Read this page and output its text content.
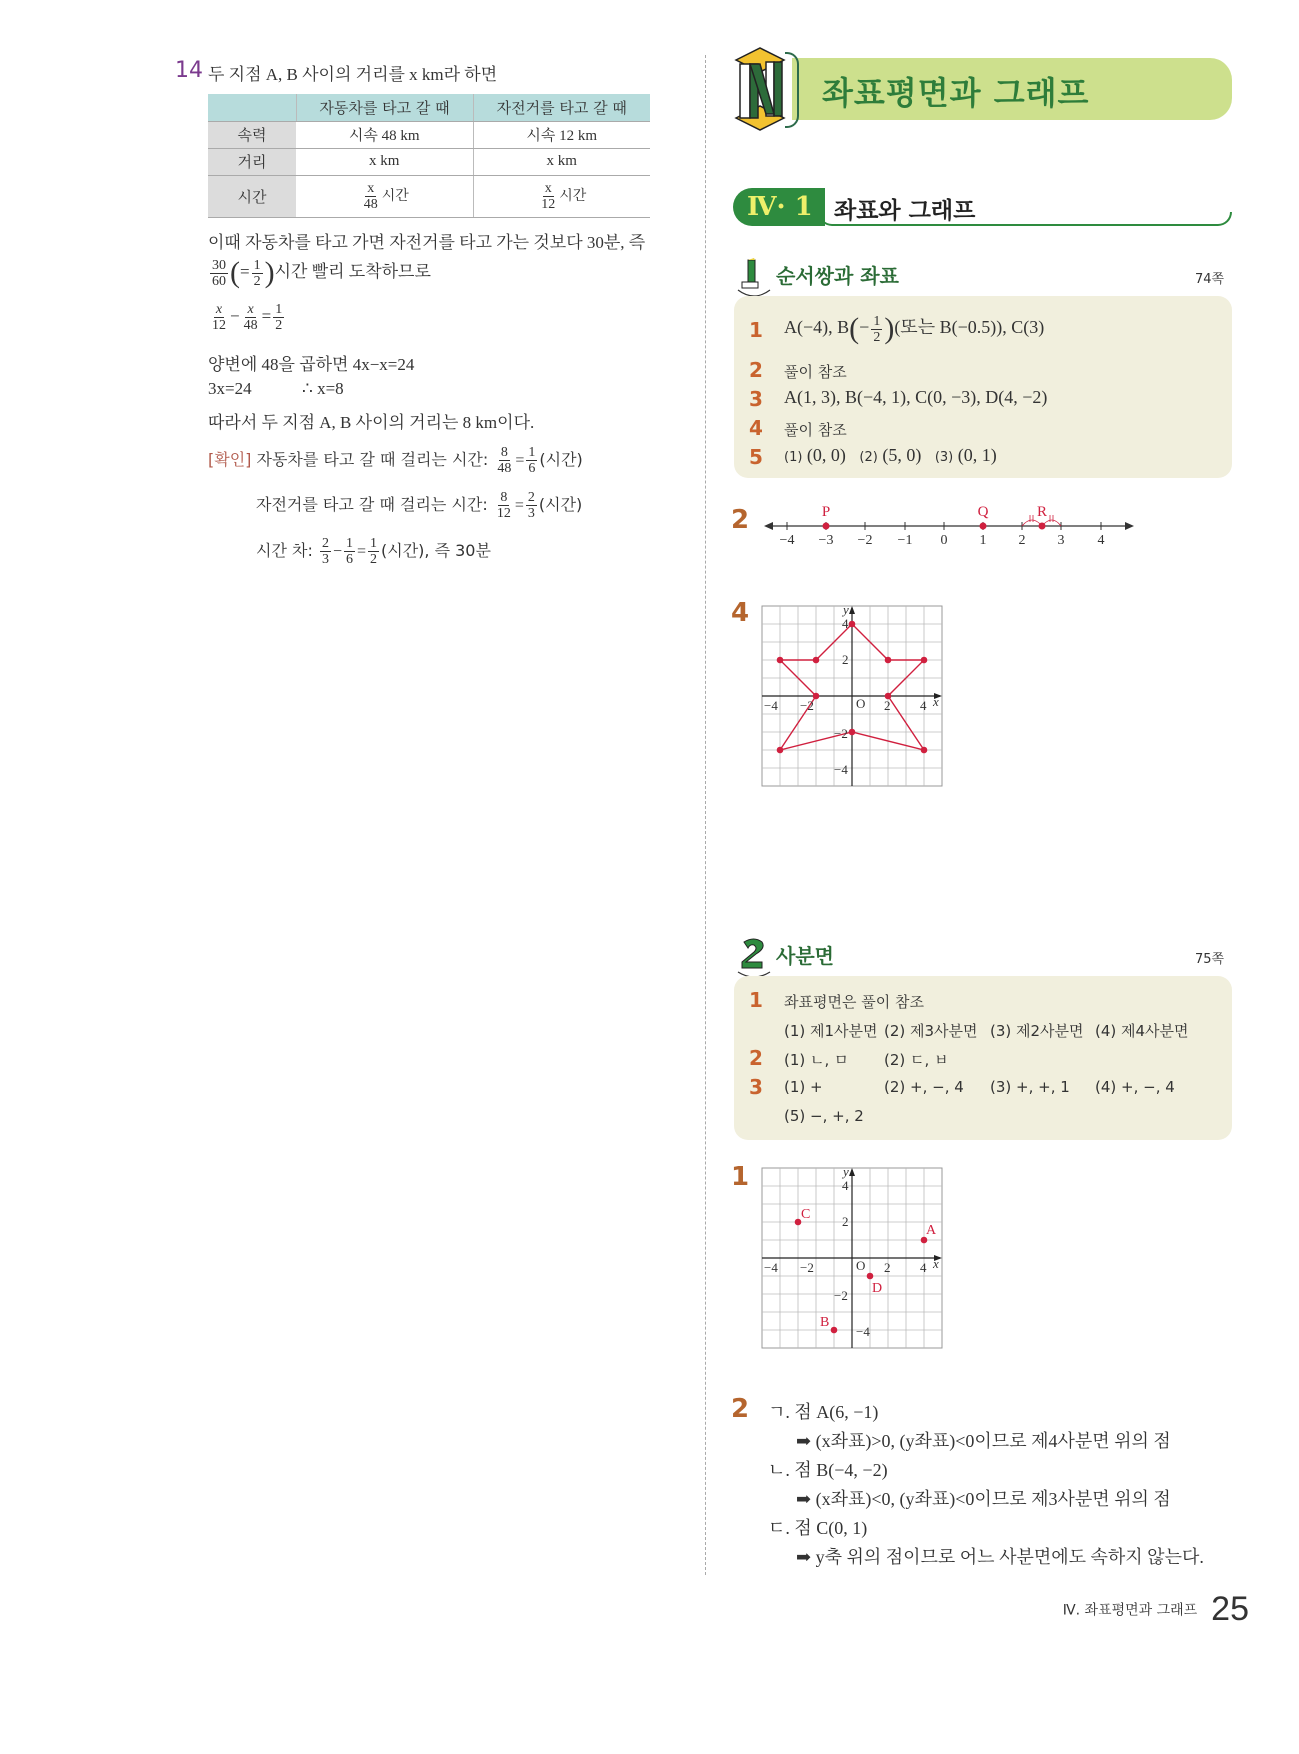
14 두 지점 A, B 사이의 거리를 x km라 하면
	자동차를 타고 갈 때	자전거를 타고 갈 때
속력	시속 48 km	시속 12 km
거리	x km	x km
시간	$\frac{x}{48}$ 시간	$\frac{x}{12}$ 시간
이때 자동차를 타고 가면 자전거를 타고 가는 것보다 30분, 즉
$\frac{30}{60}$ (= $\frac{1}{2}$ )시간 빨리 도착하므로
$\frac{x}{12} - \frac{x}{48} = \frac{1}{2}$
양변에 48을 곱하면 4x−x=24
3x=24	∴ x=8
따라서 두 지점 A, B 사이의 거리는 8 km이다.
[확인] 자동차를 타고 갈 때 걸리는 시간: $\frac{8}{48} = \frac{1}{6}$ (시간)
자전거를 타고 갈 때 걸리는 시간: $\frac{8}{12} = \frac{2}{3}$ (시간)
시간 차: $\frac{2}{3} - \frac{1}{6} = \frac{1}{2}$ (시간), 즉 30분
좌표평면과 그래프
Ⅳ· 1 좌표와 그래프
순서쌍과 좌표	74쪽
1 A(−4), $B(- \frac{1}{2}$ )(또는 B(−0.5)), C(3)
2 풀이 참조
3 A(1, 3), B(−4, 1), C(0, −3), D(4, −2)
4 풀이 참조
5 (1) (0, 0) (2) (5, 0) (3) (0, 1)
2
−4 −3 −2 −1 0 1 2 3 4
P	Q	R
4	y
x
O
4
2
−2
−4
−4 −2	2 4
사분면	75쪽
1 좌표평면은 풀이 참조
(1) 제1사분면 (2) 제3사분면 (3) 제2사분면 (4) 제4사분면
2 (1) ㄴ, ㅁ (2) ㄷ, ㅂ
3 (1) +	(2) +, −, 4 (3) +, +, 1 (4) +, −, 4
(5) −, +, 2
1
A
B
C
D
y
x
O
4
2
−2
−4
−4 −2	2 4
2 ㄱ. 점 A(6, −1)
➡ (x좌표)>0, (y좌표)<0이므로 제4사분면 위의 점
ㄴ. 점 B(−4, −2)
➡ (x좌표)<0, (y좌표)<0이므로 제3사분면 위의 점
ㄷ. 점 C(0, 1)
➡ y축 위의 점이므로 어느 사분면에도 속하지 않는다.
Ⅳ. 좌표평면과 그래프 25
